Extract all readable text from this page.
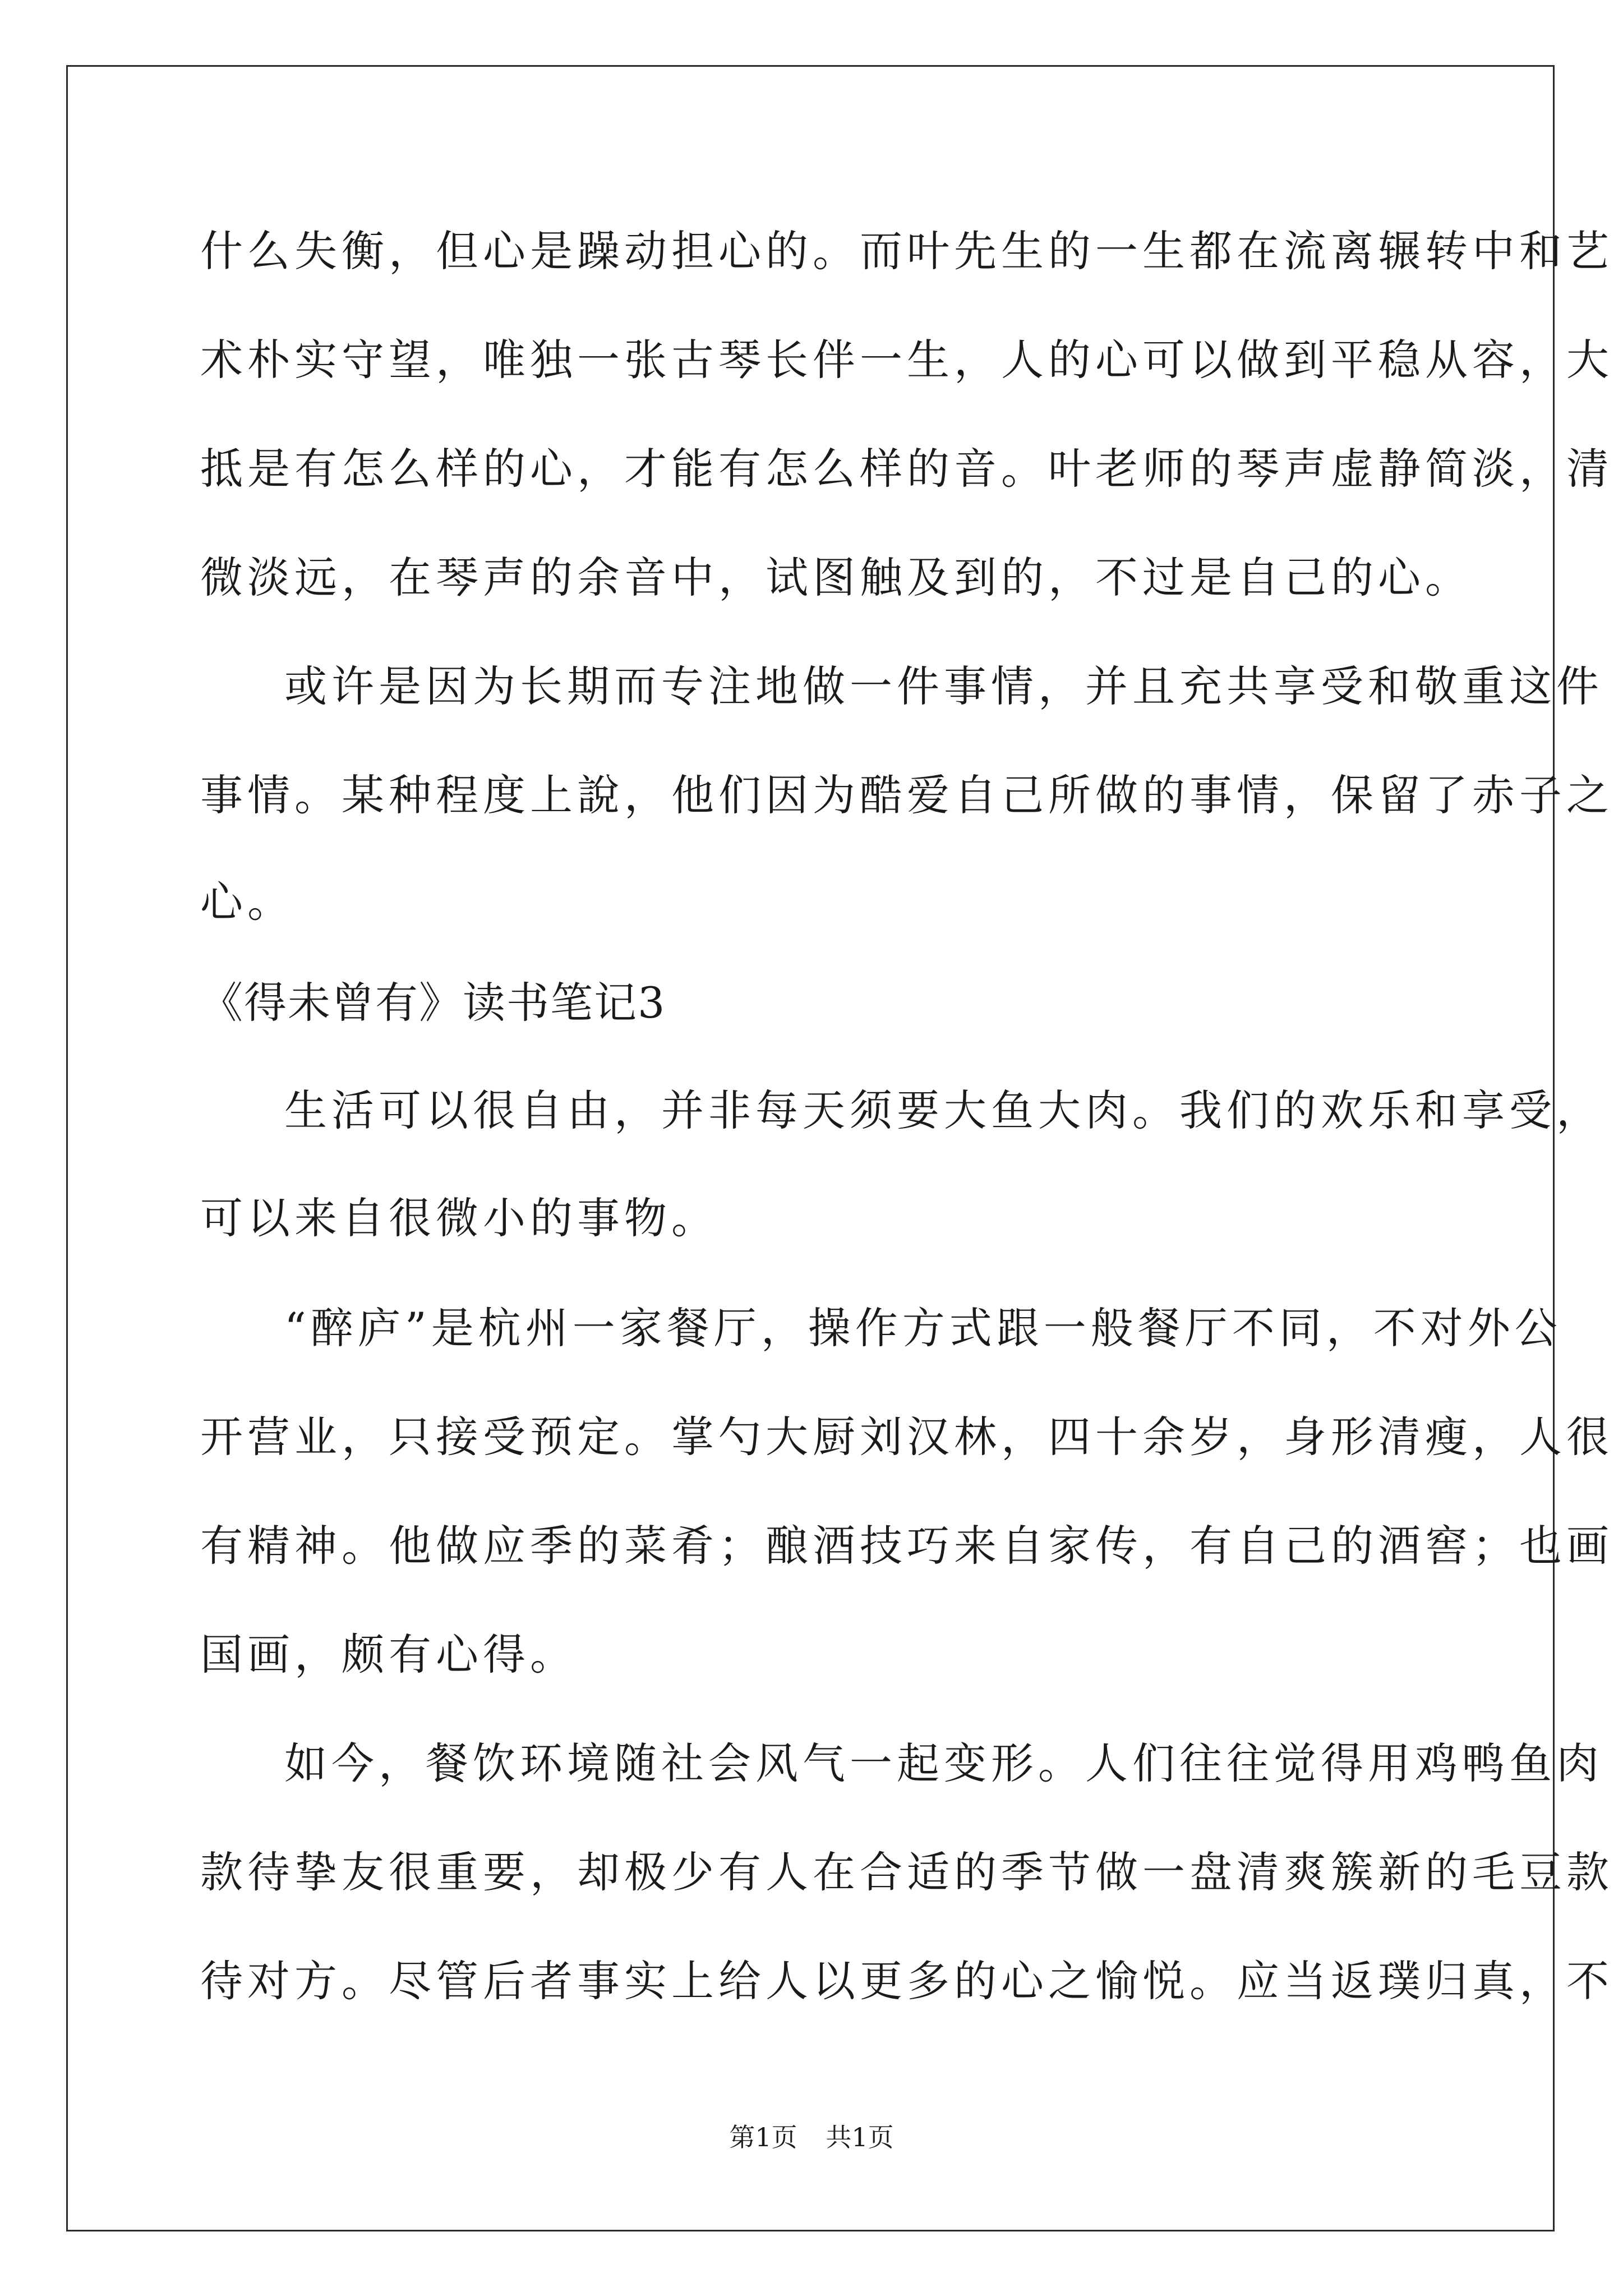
什么失衡，但心是躁动担心的。而叶先生的一生都在流离辗转中和艺
术朴实守望，唯独一张古琴长伴一生，人的心可以做到平稳从容，大
抵是有怎么样的心，才能有怎么样的音。叶老师的琴声虚静简淡，清
微淡远，在琴声的余音中，试图触及到的，不过是自己的心。
或许是因为长期而专注地做一件事情，并且充共享受和敬重这件
事情。某种程度上說，他们因为酷爱自己所做的事情，保留了赤子之
心。
《得未曾有》读书笔记3
生活可以很自由，并非每天须要大鱼大肉。我们的欢乐和享受，
可以来自很微小的事物。
“醉庐”是杭州一家餐厅，操作方式跟一般餐厅不同，不对外公
开营业，只接受预定。掌勺大厨刘汉林，四十余岁，身形清瘦，人很
有精神。他做应季的菜肴；酿酒技巧来自家传，有自己的酒窖；也画
国画，颇有心得。
如今，餐饮环境随社会风气一起变形。人们往往觉得用鸡鸭鱼肉
款待挚友很重要，却极少有人在合适的季节做一盘清爽簇新的毛豆款
待对方。尽管后者事实上给人以更多的心之愉悦。应当返璞归真，不
第1页 共1页
